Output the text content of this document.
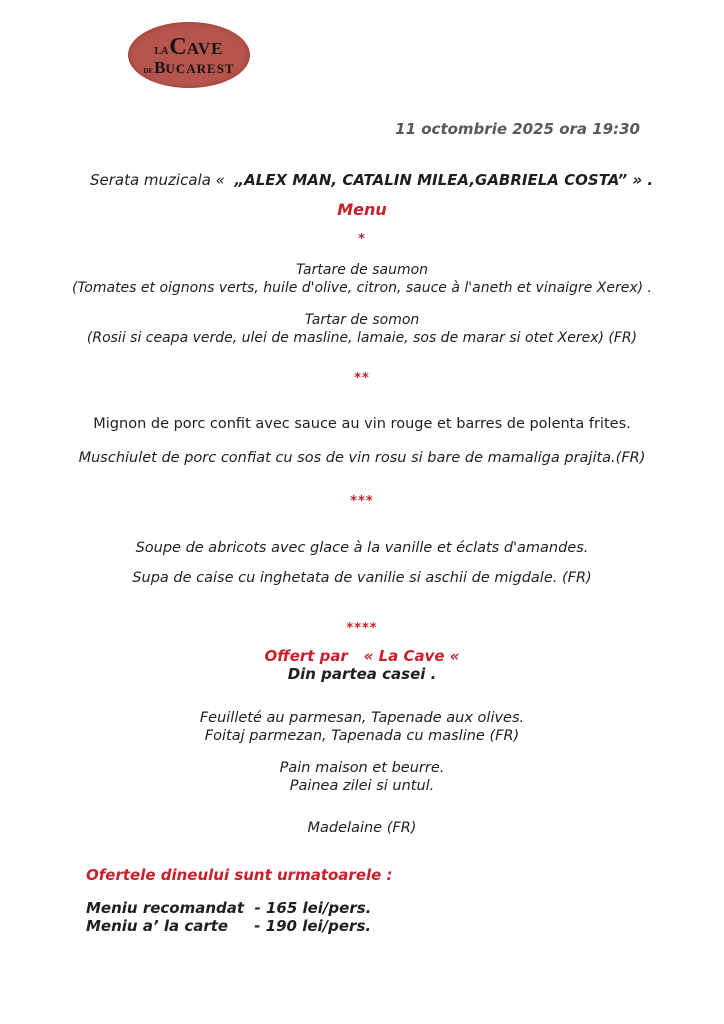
LA C AVE
DE B UCAREST
11 octombrie 2025 ora 19:30

Serata muzicala «  „ALEX MAN, CATALIN MILEA,GABRIELA COSTA” » .

Menu
*
Tartare de saumon
(Tomates et oignons verts, huile d'olive, citron, sauce à l'aneth et vinaigre Xerex) .
Tartar de somon
(Rosii si ceapa verde, ulei de masline, lamaie, sos de marar si otet Xerex) (FR)
**
Mignon de porc confit avec sauce au vin rouge et barres de polenta frites.
Muschiulet de porc confiat cu sos de vin rosu si bare de mamaliga prajita.(FR)
***
Soupe de abricots avec glace à la vanille et éclats d'amandes.
Supa de caise cu inghetata de vanilie si aschii de migdale. (FR)
****
Offert par   « La Cave «
Din partea casei .
Feuilleté au parmesan, Tapenade aux olives.
Foitaj parmezan, Tapenada cu masline (FR)
Pain maison et beurre.
Painea zilei si untul.
Madelaine (FR)
Ofertele dineului sunt urmatoarele :
Meniu recomandat  - 165 lei/pers.
Meniu a’ la carte     - 190 lei/pers.
